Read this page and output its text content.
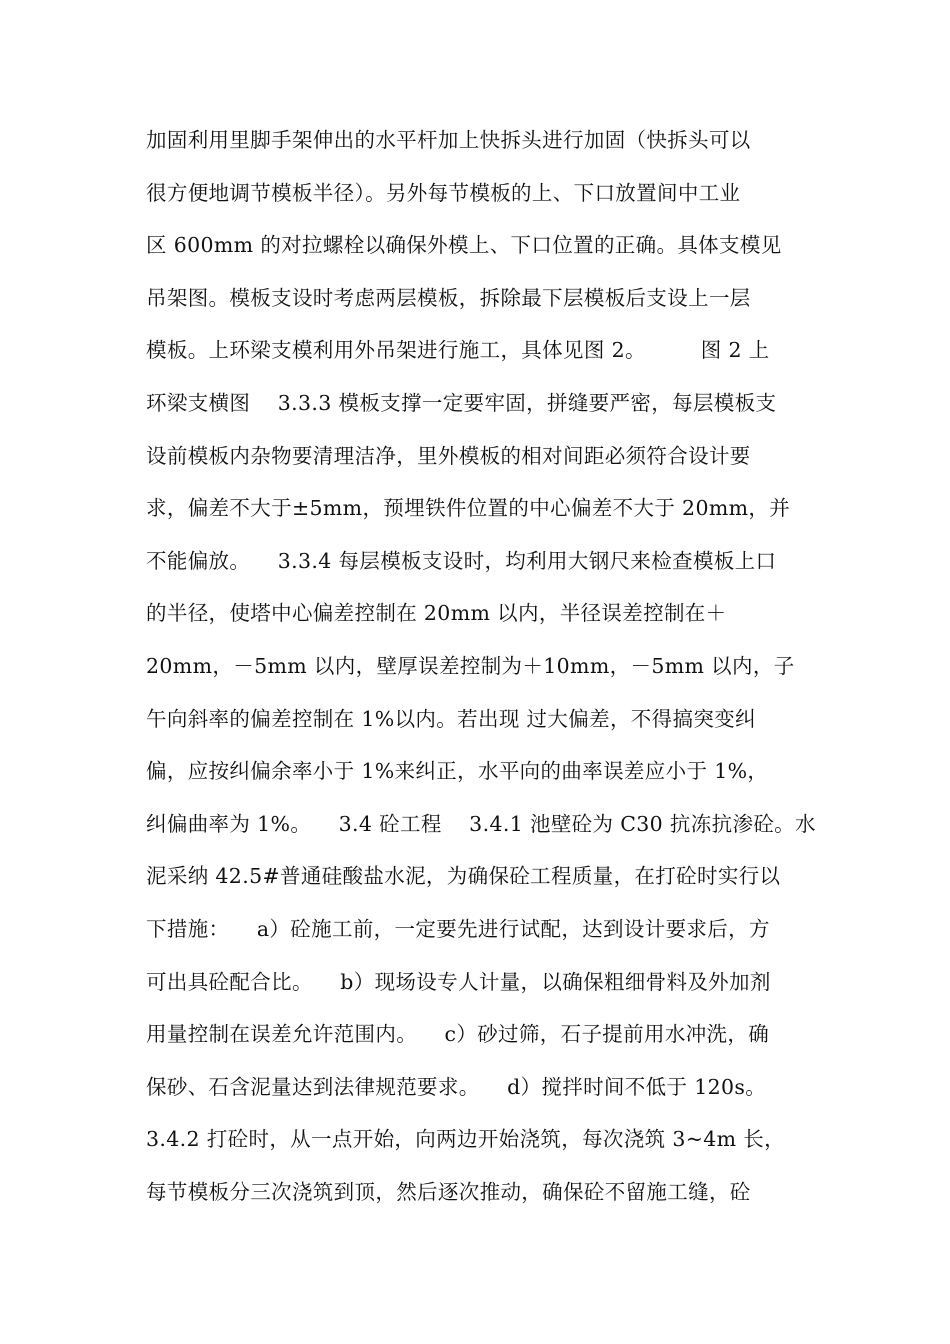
加固利用里脚手架伸出的水平杆加上快拆头进行加固（快拆头可以
很方便地调节模板半径）。另外每节模板的上、下口放置间中工业
区 600mm 的对拉螺栓以确保外模上、下口位置的正确。具体支模见
吊架图。模板支设时考虑两层模板，拆除最下层模板后支设上一层
模板。上环梁支模利用外吊架进行施工，具体见图 2。        图 2 上
环梁支横图    3.3.3 模板支撑一定要牢固，拼缝要严密，每层模板支
设前模板内杂物要清理洁净，里外模板的相对间距必须符合设计要
求，偏差不大于±5mm，预埋铁件位置的中心偏差不大于 20mm，并
不能偏放。    3.3.4 每层模板支设时，均利用大钢尺来检查模板上口
的半径，使塔中心偏差控制在 20mm 以内，半径误差控制在＋
20mm，－5mm 以内，壁厚误差控制为＋10mm，－5mm 以内，子
午向斜率的偏差控制在 1%以内。若出现 过大偏差，不得搞突变纠
偏，应按纠偏余率小于 1%来纠正，水平向的曲率误差应小于 1%，
纠偏曲率为 1%。    3.4 砼工程    3.4.1 池壁砼为 C30 抗冻抗渗砼。水
泥采纳 42.5#普通硅酸盐水泥，为确保砼工程质量，在打砼时实行以
下措施：    a）砼施工前，一定要先进行试配，达到设计要求后，方
可出具砼配合比。    b）现场设专人计量，以确保粗细骨料及外加剂
用量控制在误差允许范围内。    c）砂过筛，石子提前用水冲洗，确
保砂、石含泥量达到法律规范要求。    d）搅拌时间不低于 120s。
3.4.2 打砼时，从一点开始，向两边开始浇筑，每次浇筑 3~4m 长，
每节模板分三次浇筑到顶，然后逐次推动，确保砼不留施工缝，砼
